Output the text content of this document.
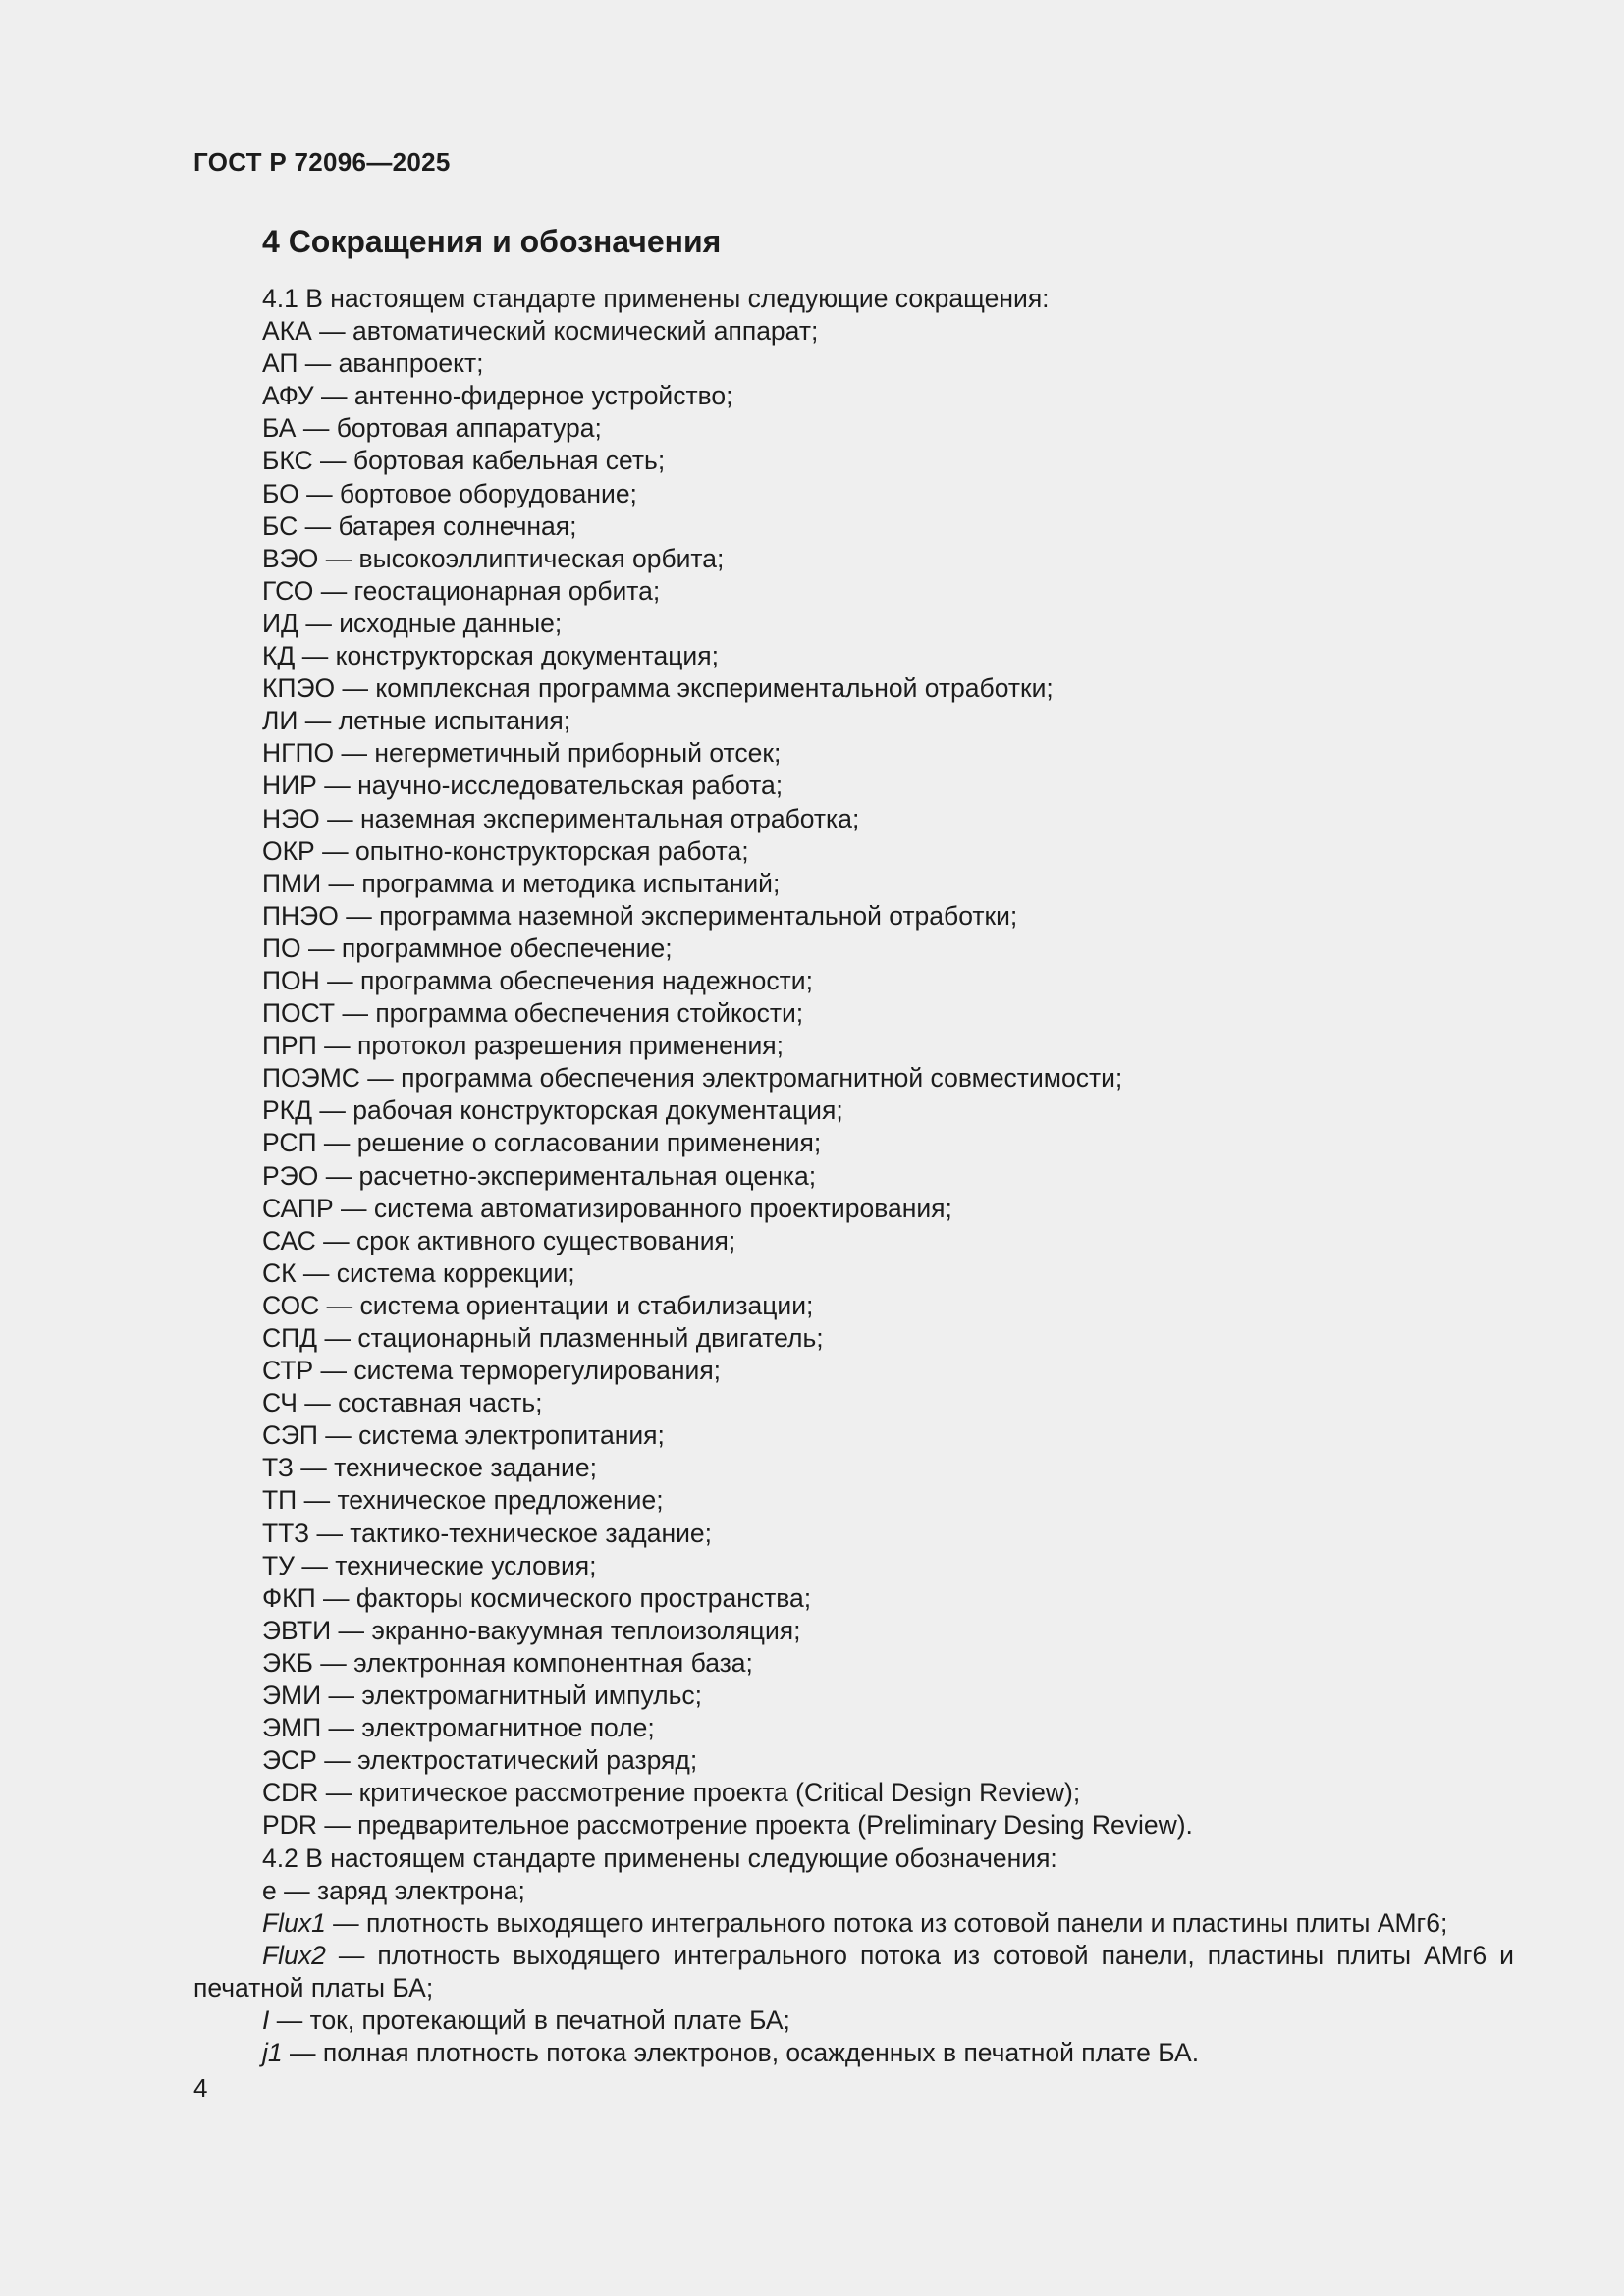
ГОСТ Р 72096—2025
4 Сокращения и обозначения
4.1 В настоящем стандарте применены следующие сокращения:
АКА — автоматический космический аппарат;
АП — аванпроект;
АФУ — антенно-фидерное устройство;
БА — бортовая аппаратура;
БКС — бортовая кабельная сеть;
БО — бортовое оборудование;
БС — батарея солнечная;
ВЭО — высокоэллиптическая орбита;
ГСО — геостационарная орбита;
ИД — исходные данные;
КД — конструкторская документация;
КПЭО — комплексная программа экспериментальной отработки;
ЛИ — летные испытания;
НГПО — негерметичный приборный отсек;
НИР — научно-исследовательская работа;
НЭО — наземная экспериментальная отработка;
ОКР — опытно-конструкторская работа;
ПМИ — программа и методика испытаний;
ПНЭО — программа наземной экспериментальной отработки;
ПО — программное обеспечение;
ПОН — программа обеспечения надежности;
ПОСТ — программа обеспечения стойкости;
ПРП — протокол разрешения применения;
ПОЭМС — программа обеспечения электромагнитной совместимости;
РКД — рабочая конструкторская документация;
РСП — решение о согласовании применения;
РЭО — расчетно-экспериментальная оценка;
САПР — система автоматизированного проектирования;
САС — срок активного существования;
СК — система коррекции;
СОС — система ориентации и стабилизации;
СПД — стационарный плазменный двигатель;
СТР — система терморегулирования;
СЧ — составная часть;
СЭП — система электропитания;
ТЗ — техническое задание;
ТП — техническое предложение;
ТТЗ — тактико-техническое задание;
ТУ — технические условия;
ФКП — факторы космического пространства;
ЭВТИ — экранно-вакуумная теплоизоляция;
ЭКБ — электронная компонентная база;
ЭМИ — электромагнитный импульс;
ЭМП — электромагнитное поле;
ЭСР — электростатический разряд;
CDR — критическое рассмотрение проекта (Critical Design Review);
PDR — предварительное рассмотрение проекта (Preliminary Desing Review).
4.2 В настоящем стандарте применены следующие обозначения:
е — заряд электрона;
Flux1 — плотность выходящего интегрального потока из сотовой панели и пластины плиты АМг6;
Flux2 — плотность выходящего интегрального потока из сотовой панели, пластины плиты АМг6 и печатной платы БА;
I — ток, протекающий в печатной плате БА;
j1 — полная плотность потока электронов, осажденных в печатной плате БА.
4
